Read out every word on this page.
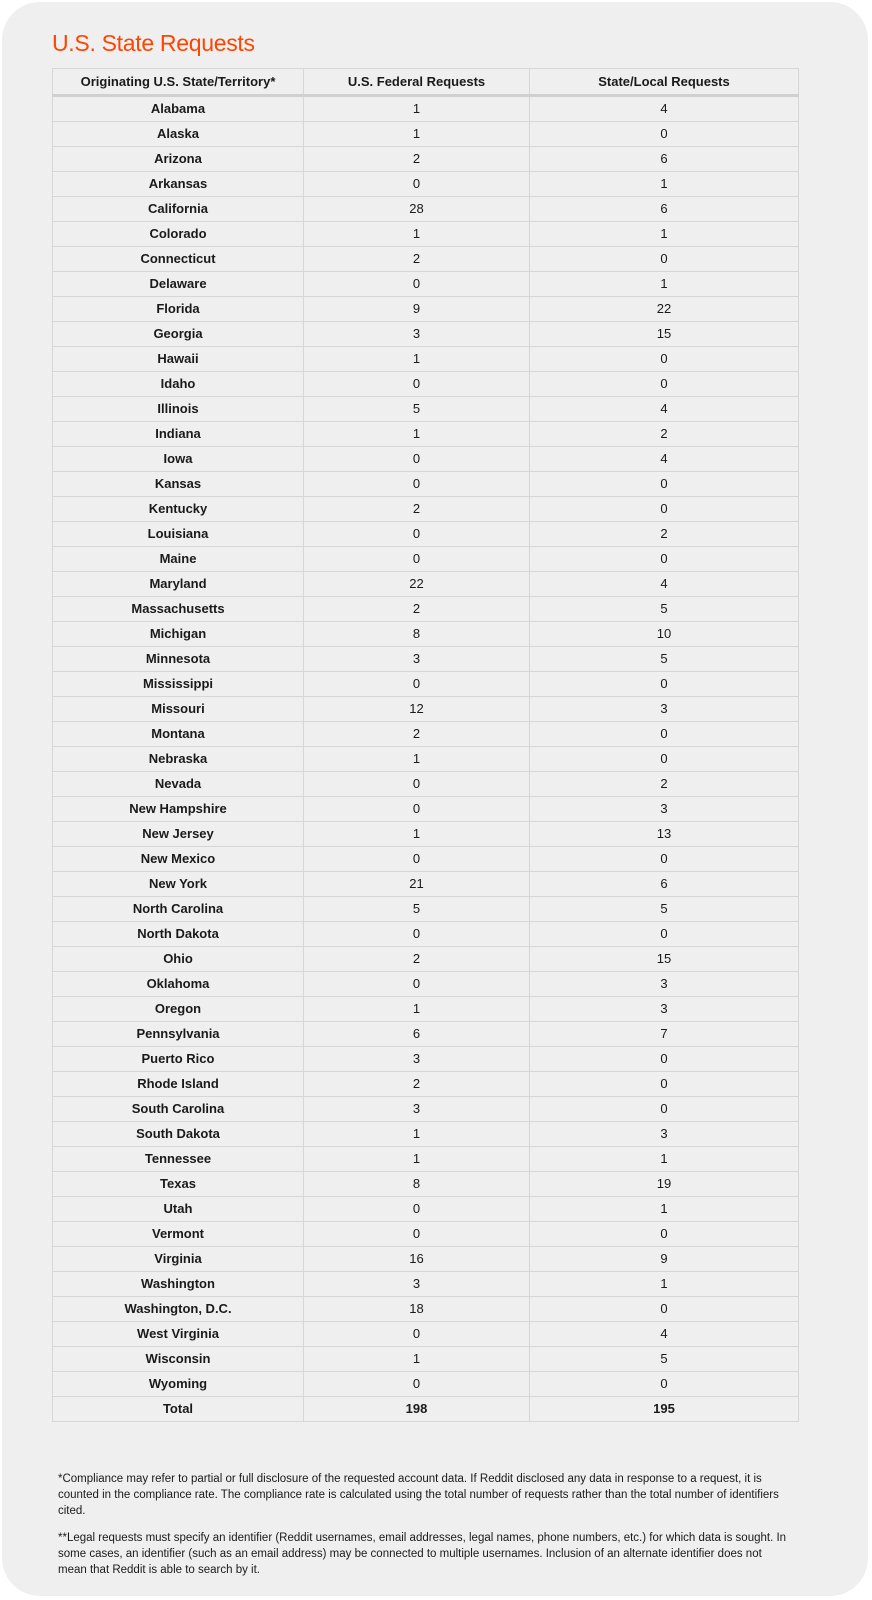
U.S. State Requests
Originating U.S. State/Territory*	U.S. Federal Requests	State/Local Requests
Alabama	1	4
Alaska	1	0
Arizona	2	6
Arkansas	0	1
California	28	6
Colorado	1	1
Connecticut	2	0
Delaware	0	1
Florida	9	22
Georgia	3	15
Hawaii	1	0
Idaho	0	0
Illinois	5	4
Indiana	1	2
Iowa	0	4
Kansas	0	0
Kentucky	2	0
Louisiana	0	2
Maine	0	0
Maryland	22	4
Massachusetts	2	5
Michigan	8	10
Minnesota	3	5
Mississippi	0	0
Missouri	12	3
Montana	2	0
Nebraska	1	0
Nevada	0	2
New Hampshire	0	3
New Jersey	1	13
New Mexico	0	0
New York	21	6
North Carolina	5	5
North Dakota	0	0
Ohio	2	15
Oklahoma	0	3
Oregon	1	3
Pennsylvania	6	7
Puerto Rico	3	0
Rhode Island	2	0
South Carolina	3	0
South Dakota	1	3
Tennessee	1	1
Texas	8	19
Utah	0	1
Vermont	0	0
Virginia	16	9
Washington	3	1
Washington, D.C.	18	0
West Virginia	0	4
Wisconsin	1	5
Wyoming	0	0
Total	198	195

*Compliance may refer to partial or full disclosure of the requested account data. If Reddit disclosed any data in response to a request, it is counted in the compliance rate. The compliance rate is calculated using the total number of requests rather than the total number of identifiers cited.

**Legal requests must specify an identifier (Reddit usernames, email addresses, legal names, phone numbers, etc.) for which data is sought. In some cases, an identifier (such as an email address) may be connected to multiple usernames. Inclusion of an alternate identifier does not mean that Reddit is able to search by it.
